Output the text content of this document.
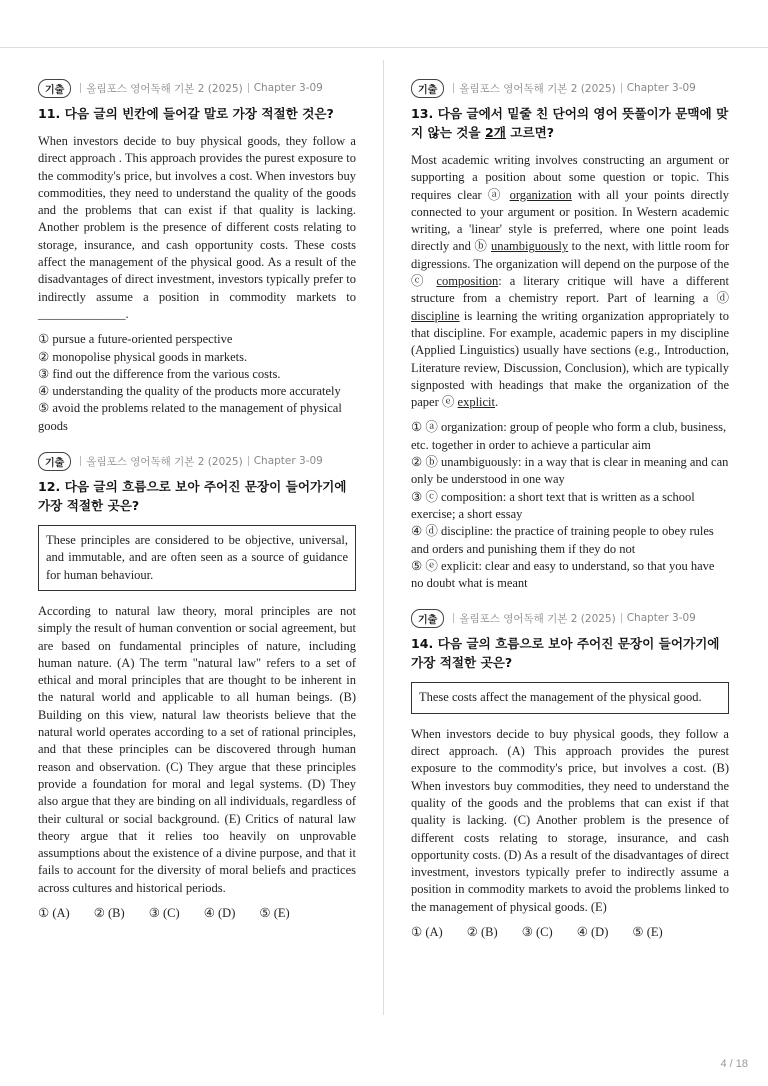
기출	올림포스 영어독해 기본 2 (2025) Chapter 3-09

11. 다음 글의 빈칸에 들어갈 말로 가장 적절한 것은?

When investors decide to buy physical goods, they follow a direct approach . This approach provides the purest exposure to the commodity's price, but involves a cost. When investors buy commodities, they need to understand the quality of the goods and the problems that can exist if that quality is lacking. Another problem is the presence of different costs relating to storage, insurance, and cash opportunity costs. These costs affect the management of the physical good. As a result of the disadvantages of direct investment, investors typically prefer to indirectly assume a position in commodity markets to ______________.

① pursue a future-oriented perspective
② monopolise physical goods in markets.
③ find out the difference from the various costs.
④ understanding the quality of the products more accurately
⑤ avoid the problems related to the management of physical goods
기출	올림포스 영어독해 기본 2 (2025) Chapter 3-09

12. 다음 글의 흐름으로 보아 주어진 문장이 들어가기에 가장 적절한 곳은?

These principles are considered to be objective, universal, and immutable, and are often seen as a source of guidance for human behaviour.

According to natural law theory, moral principles are not simply the result of human convention or social agreement, but are based on fundamental principles of nature, including human nature. (A) The term "natural law" refers to a set of ethical and moral principles that are thought to be inherent in the natural world and applicable to all human beings. (B) Building on this view, natural law theorists believe that the natural world operates according to a set of rational principles, and that these principles can be discovered through human reason and observation. (C) They argue that these principles provide a foundation for moral and legal systems. (D) They also argue that they are binding on all individuals, regardless of their cultural or social background. (E) Critics of natural law theory argue that it relies too heavily on unprovable assumptions about the existence of a divine purpose, and that it fails to account for the diversity of moral beliefs and practices across cultures and historical periods.

① (A) ② (B) ③ (C) ④ (D) ⑤ (E)
기출	올림포스 영어독해 기본 2 (2025) Chapter 3-09

13. 다음 글에서 밑줄 친 단어의 영어 뜻풀이가 문맥에 맞지 않는 것을 2개 고르면?

Most academic writing involves constructing an argument or supporting a position about some question or topic. This requires clear ⓐ organization with all your points directly connected to your argument or position. In Western academic writing, a 'linear' style is preferred, where one point leads directly and ⓑ unambiguously to the next, with little room for digressions. The organization will depend on the purpose of the ⓒ composition: a literary critique will have a different structure from a chemistry report. Part of learning a ⓓ discipline is learning the writing organization appropriately to that discipline. For example, academic papers in my discipline (Applied Linguistics) usually have sections (e.g., Introduction, Literature review, Discussion, Conclusion), which are typically signposted with headings that make the organization of the paper ⓔ explicit.

① ⓐ organization: group of people who form a club, business, etc. together in order to achieve a particular aim
② ⓑ unambiguously: in a way that is clear in meaning and can only be understood in one way
③ ⓒ composition: a short text that is written as a school exercise; a short essay
④ ⓓ discipline: the practice of training people to obey rules and orders and punishing them if they do not
⑤ ⓔ explicit: clear and easy to understand, so that you have no doubt what is meant
기출	올림포스 영어독해 기본 2 (2025) Chapter 3-09

14. 다음 글의 흐름으로 보아 주어진 문장이 들어가기에 가장 적절한 곳은?

These costs affect the management of the physical good.

When investors decide to buy physical goods, they follow a direct approach. (A) This approach provides the purest exposure to the commodity's price, but involves a cost. (B) When investors buy commodities, they need to understand the quality of the goods and the problems that can exist if that quality is lacking. (C) Another problem is the presence of different costs relating to storage, insurance, and cash opportunity costs. (D) As a result of the disadvantages of direct investment, investors typically prefer to indirectly assume a position in commodity markets to avoid the problems linked to the management of physical goods. (E)

① (A) ② (B) ③ (C) ④ (D) ⑤ (E)
4 / 18
